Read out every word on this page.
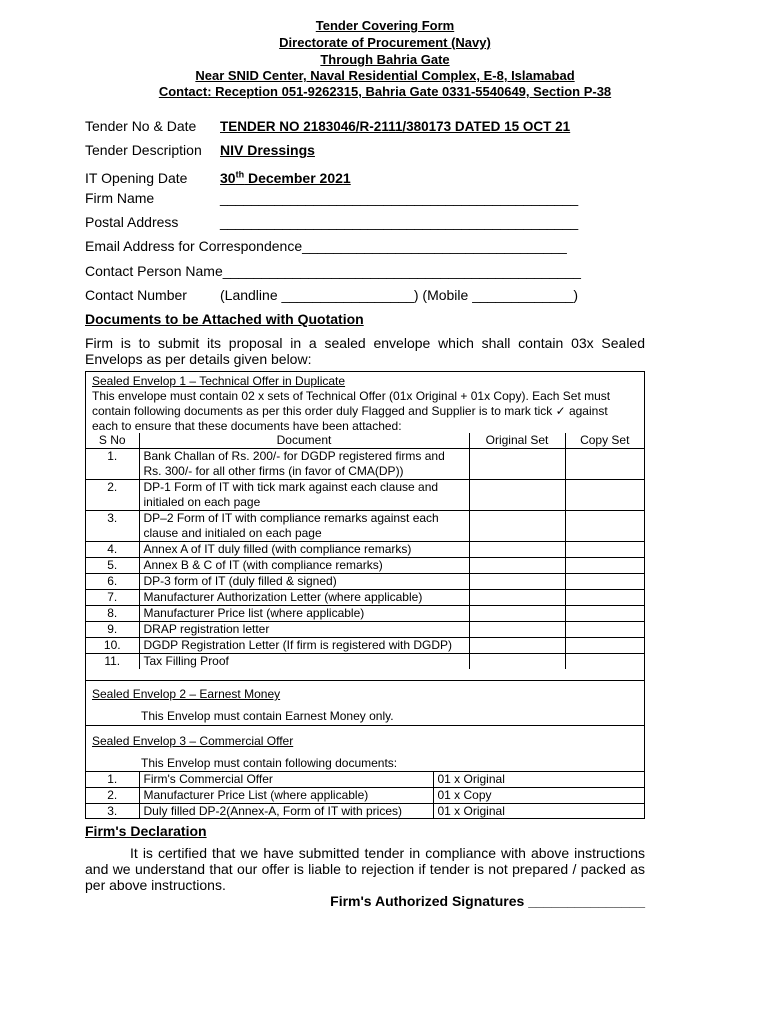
Tender Covering Form
Directorate of Procurement (Navy)
Through Bahria Gate
Near SNID Center, Naval Residential Complex, E-8, Islamabad
Contact: Reception 051-9262315, Bahria Gate 0331-5540649, Section P-38
Tender No & Date TENDER NO 2183046/R-2111/380173 DATED 15 OCT 21
Tender Description NIV Dressings
IT Opening Date 30th December 2021
Firm Name	______________________________________________
Postal Address	______________________________________________
Email Address for Correspondence__________________________________
Contact Person Name______________________________________________
Contact Number (Landline _________________) (Mobile _____________)
Documents to be Attached with Quotation
Firm is to submit its proposal in a sealed envelope which shall contain 03x Sealed Envelops as per details given below:
Sealed Envelop 1 – Technical Offer in Duplicate
This envelope must contain 02 x sets of Technical Offer (01x Original + 01x Copy). Each Set must
contain following documents as per this order duly Flagged and Supplier is to mark tick ✓ against
each to ensure that these documents have been attached:
S No	Document	Original Set	Copy Set
1.	Bank Challan of Rs. 200/- for DGDP registered firms and Rs. 300/- for all other firms (in favor of CMA(DP))		
2.	DP-1 Form of IT with tick mark against each clause and initialed on each page		
3.	DP–2 Form of IT with compliance remarks against each clause and initialed on each page		
4.	Annex A of IT duly filled (with compliance remarks)		
5.	Annex B & C of IT (with compliance remarks)		
6.	DP-3 form of IT (duly filled & signed)		
7.	Manufacturer Authorization Letter (where applicable)		
8.	Manufacturer Price list (where applicable)		
9.	DRAP registration letter		
10.	DGDP Registration Letter (If firm is registered with DGDP)		
11.	Tax Filling Proof		
Sealed Envelop 2 – Earnest Money
This Envelop must contain Earnest Money only.
Sealed Envelop 3 – Commercial Offer
This Envelop must contain following documents:
1.	Firm's Commercial Offer	01 x Original
2.	Manufacturer Price List (where applicable)	01 x Copy
3.	Duly filled DP-2(Annex-A, Form of IT with prices)	01 x Original
Firm's Declaration
It is certified that we have submitted tender in compliance with above instructions and we understand that our offer is liable to rejection if tender is not prepared / packed as per above instructions.
Firm's Authorized Signatures _______________
